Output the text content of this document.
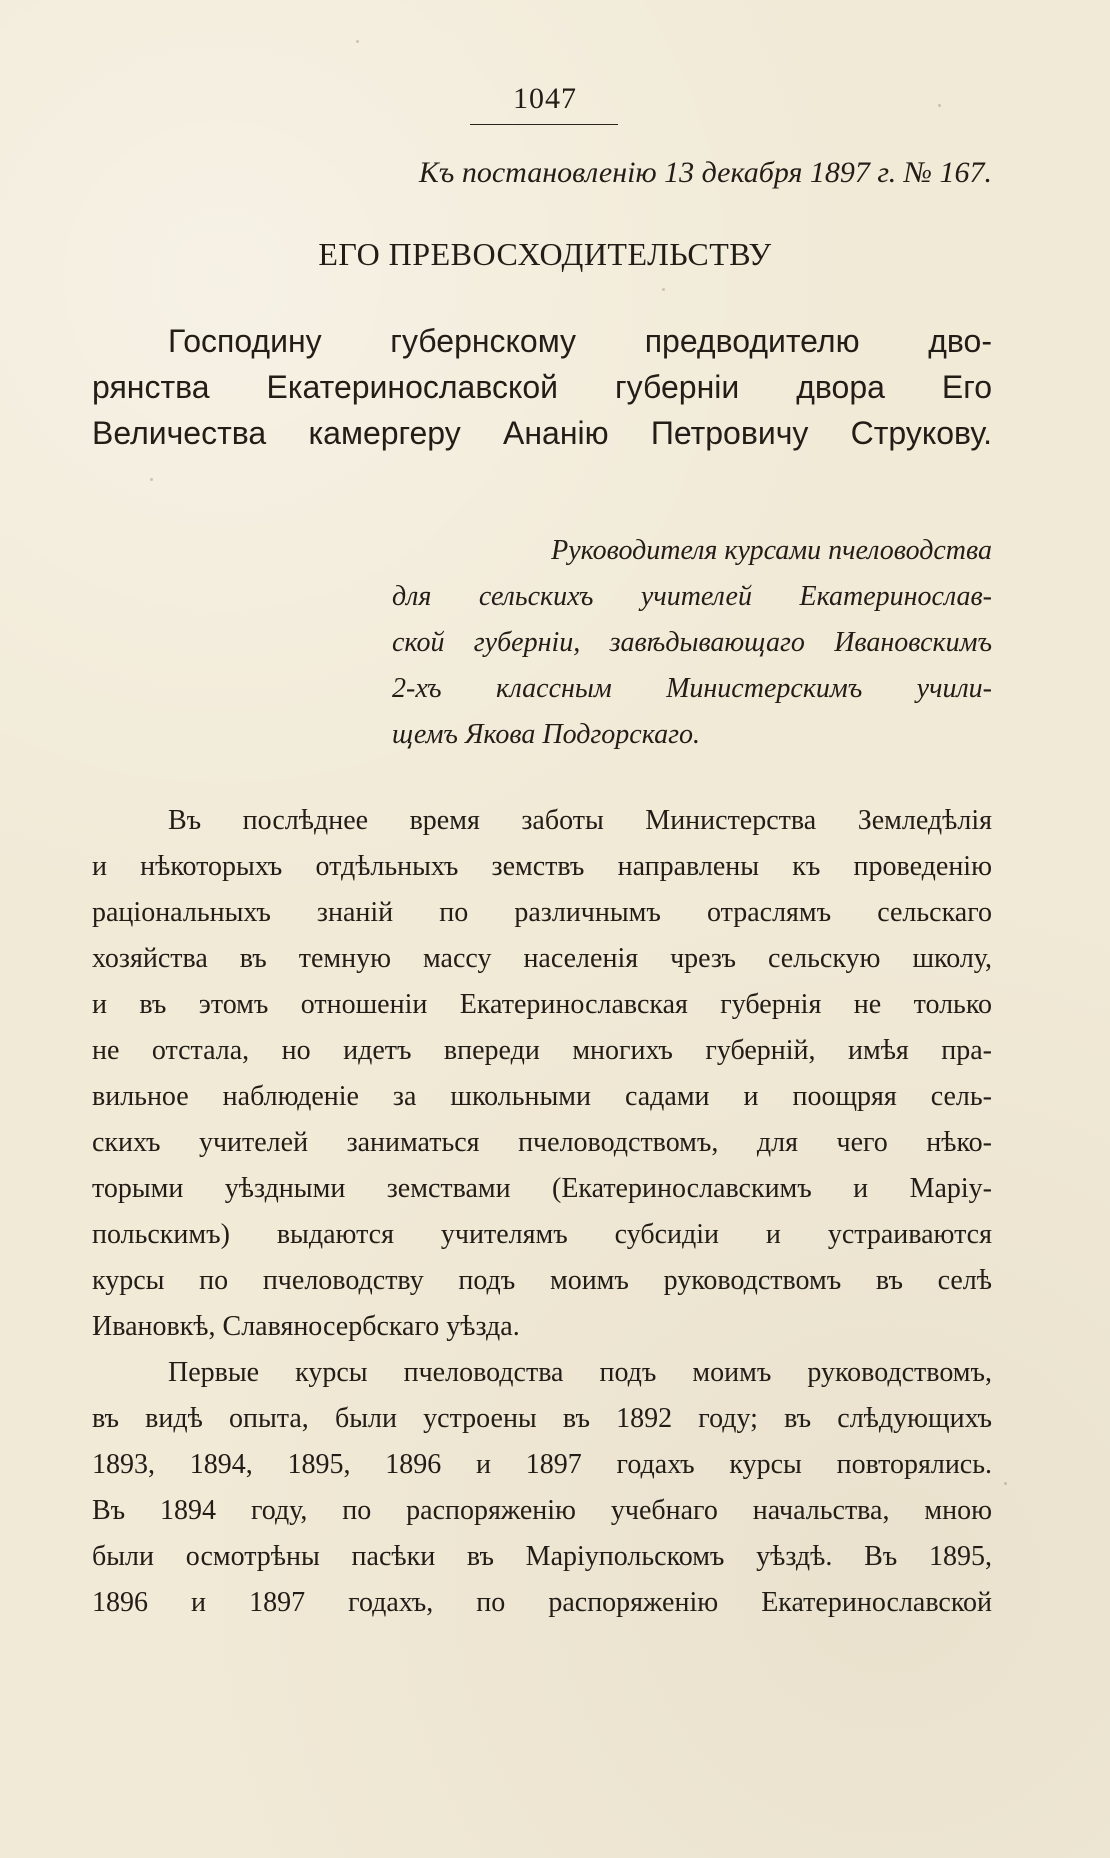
1047
Къ постановленію 13 декабря 1897 г. № 167.
ЕГО ПРЕВОСХОДИТЕЛЬСТВУ
Господину губернскому предводителю дво-
рянства Екатеринославской губерніи двора Его
Величества камергеру Ананію Петровичу Струкову.
Руководителя курсами пчеловодства
для сельскихъ учителей Екатеринослав-
ской губерніи, завѣдывающаго Ивановскимъ
2-хъ классным Министерскимъ учили-
щемъ Якова Подгорскаго.
Въ послѣднее время заботы Министерства Земледѣлія
и нѣкоторыхъ отдѣльныхъ земствъ направлены къ проведенію
раціональныхъ знаній по различнымъ отраслямъ сельскаго
хозяйства въ темную массу населенія чрезъ сельскую школу,
и въ этомъ отношеніи Екатеринославская губернія не только
не отстала, но идетъ впереди многихъ губерній, имѣя пра-
вильное наблюденіе за школьными садами и поощряя сель-
скихъ учителей заниматься пчеловодствомъ, для чего нѣко-
торыми уѣздными земствами (Екатеринославскимъ и Маріу-
польскимъ) выдаются учителямъ субсидіи и устраиваются
курсы по пчеловодству подъ моимъ руководствомъ въ селѣ
Ивановкѣ, Славяносербскаго уѣзда.
Первые курсы пчеловодства подъ моимъ руководствомъ,
въ видѣ опыта, были устроены въ 1892 году; въ слѣдующихъ
1893, 1894, 1895, 1896 и 1897 годахъ курсы повторялись.
Въ 1894 году, по распоряженію учебнаго начальства, мною
были осмотрѣны пасѣки въ Маріупольскомъ уѣздѣ. Въ 1895,
1896 и 1897 годахъ, по распоряженію Екатеринославской
